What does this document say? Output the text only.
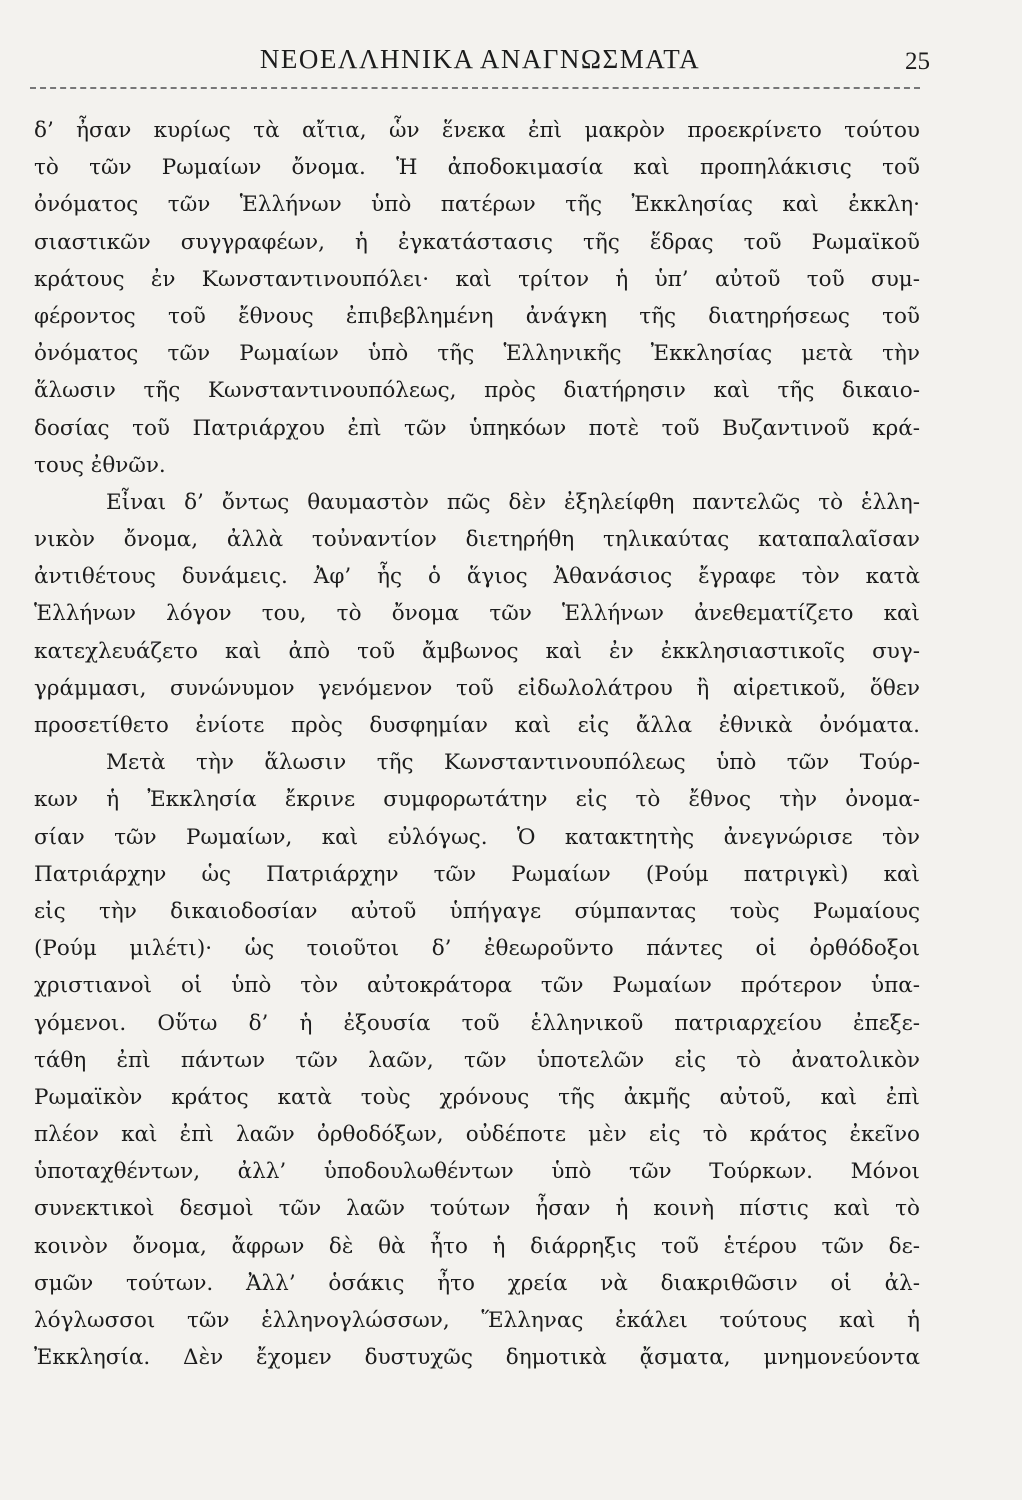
ΝΕΟΕΛΛΗΝΙΚΑ ΑΝΑΓΝΩΣΜΑΤΑ	25
δ’ ἦσαν κυρίως τὰ αἴτια, ὧν ἕνεκα ἐπὶ μακρὸν προεκρίνετο τούτου
τὸ τῶν Ρωμαίων ὄνομα. Ἡ ἀποδοκιμασία καὶ προπηλάκισις τοῦ
ὀνόματος τῶν Ἑλλήνων ὑπὸ πατέρων τῆς Ἐκκλησίας καὶ ἐκκλη·
σιαστικῶν συγγραφέων, ἡ ἐγκατάστασις τῆς ἕδρας τοῦ Ρωμαϊκοῦ
κράτους ἐν Κωνσταντινουπόλει· καὶ τρίτον ἡ ὑπ’ αὐτοῦ τοῦ συμ-
φέροντος τοῦ ἔθνους ἐπιβεβλημένη ἀνάγκη τῆς διατηρήσεως τοῦ
ὀνόματος τῶν Ρωμαίων ὑπὸ τῆς Ἑλληνικῆς Ἐκκλησίας μετὰ τὴν
ἅλωσιν τῆς Κωνσταντινουπόλεως, πρὸς διατήρησιν καὶ τῆς δικαιο-
δοσίας τοῦ Πατριάρχου ἐπὶ τῶν ὑπηκόων ποτὲ τοῦ Βυζαντινοῦ κρά-
τους ἐθνῶν.
Εἶναι δ’ ὄντως θαυμαστὸν πῶς δὲν ἐξηλείφθη παντελῶς τὸ ἑλλη-
νικὸν ὄνομα, ἀλλὰ τοὐναντίον διετηρήθη τηλικαύτας καταπαλαῖσαν
ἀντιθέτους δυνάμεις. Ἀφ’ ἧς ὁ ἅγιος Ἀθανάσιος ἔγραφε τὸν κατὰ
Ἑλλήνων λόγον του, τὸ ὄνομα τῶν Ἑλλήνων ἀνεθεματίζετο καὶ
κατεχλευάζετο καὶ ἀπὸ τοῦ ἄμβωνος καὶ ἐν ἐκκλησιαστικοῖς συγ-
γράμμασι, συνώνυμον γενόμενον τοῦ εἰδωλολάτρου ἢ αἱρετικοῦ, ὅθεν
προσετίθετο ἐνίοτε πρὸς δυσφημίαν καὶ εἰς ἄλλα ἐθνικὰ ὀνόματα.
Μετὰ τὴν ἅλωσιν τῆς Κωνσταντινουπόλεως ὑπὸ τῶν Τούρ-
κων ἡ Ἐκκλησία ἔκρινε συμφορωτάτην εἰς τὸ ἔθνος τὴν ὀνομα-
σίαν τῶν Ρωμαίων, καὶ εὐλόγως. Ὁ κατακτητὴς ἀνεγνώρισε τὸν
Πατριάρχην ὡς Πατριάρχην τῶν Ρωμαίων (Ρούμ πατριγκὶ) καὶ
εἰς τὴν δικαιοδοσίαν αὐτοῦ ὑπήγαγε σύμπαντας τοὺς Ρωμαίους
(Ρούμ μιλέτι)· ὡς τοιοῦτοι δ’ ἐθεωροῦντο πάντες οἱ ὀρθόδοξοι
χριστιανοὶ οἱ ὑπὸ τὸν αὐτοκράτορα τῶν Ρωμαίων πρότερον ὑπα-
γόμενοι. Οὕτω δ’ ἡ ἐξουσία τοῦ ἑλληνικοῦ πατριαρχείου ἐπεξε-
τάθη ἐπὶ πάντων τῶν λαῶν, τῶν ὑποτελῶν εἰς τὸ ἀνατολικὸν
Ρωμαϊκὸν κράτος κατὰ τοὺς χρόνους τῆς ἀκμῆς αὐτοῦ, καὶ ἐπὶ
πλέον καὶ ἐπὶ λαῶν ὀρθοδόξων, οὐδέποτε μὲν εἰς τὸ κράτος ἐκεῖνο
ὑποταχθέντων, ἀλλ’ ὑποδουλωθέντων ὑπὸ τῶν Τούρκων. Μόνοι
συνεκτικοὶ δεσμοὶ τῶν λαῶν τούτων ἦσαν ἡ κοινὴ πίστις καὶ τὸ
κοινὸν ὄνομα, ἄφρων δὲ θὰ ἦτο ἡ διάρρηξις τοῦ ἑτέρου τῶν δε-
σμῶν τούτων. Ἀλλ’ ὁσάκις ἦτο χρεία νὰ διακριθῶσιν οἱ ἀλ-
λόγλωσσοι τῶν ἑλληνογλώσσων, Ἕλληνας ἐκάλει τούτους καὶ ἡ
Ἐκκλησία. Δὲν ἔχομεν δυστυχῶς δημοτικὰ ᾄσματα, μνημονεύοντα
